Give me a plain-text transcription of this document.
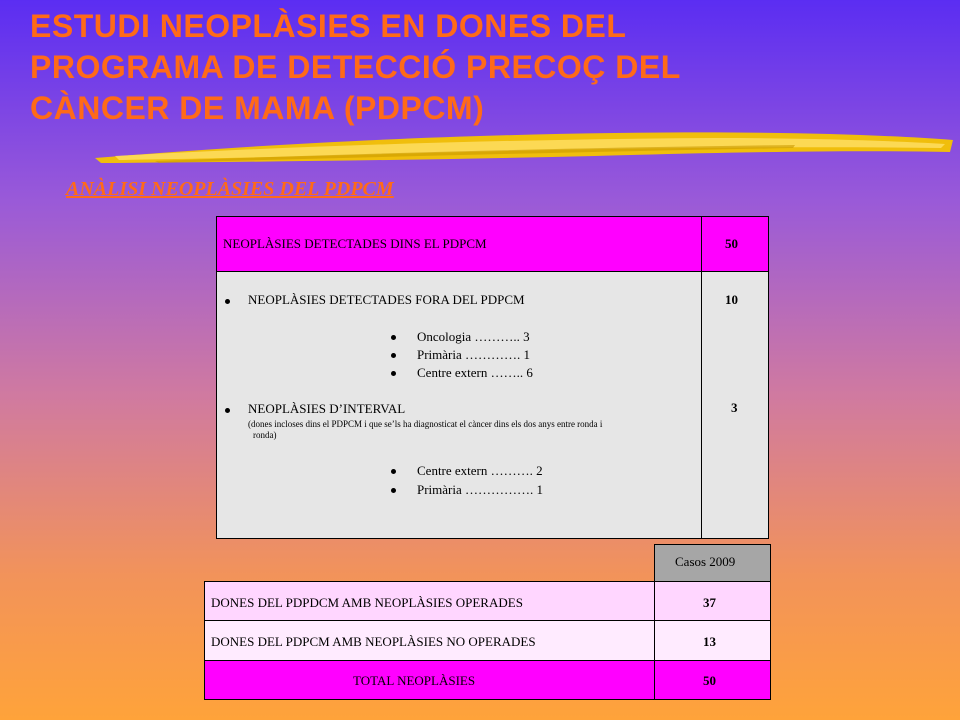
ESTUDI NEOPLÀSIES EN DONES DEL
PROGRAMA DE DETECCIÓ PRECOÇ DEL
CÀNCER DE MAMA (PDPCM)
ANÀLISI NEOPLÀSIES DEL PDPCM
NEOPLÀSIES DETECTADES DINS EL PDPCM	50
NEOPLÀSIES DETECTADES FORA DEL PDPCM	10
Oncologia ……….. 3
Primària …………. 1
Centre extern …….. 6
NEOPLÀSIES D’INTERVAL	3
(dones incloses dins el PDPCM i que se’ls ha diagnosticat el càncer dins els dos anys entre ronda i
ronda)
Centre extern ………. 2
Primària ……………. 1
Casos 2009
DONES DEL PDPDCM AMB NEOPLÀSIES OPERADES	37
DONES DEL PDPCM AMB NEOPLÀSIES NO OPERADES	13
TOTAL NEOPLÀSIES	50
